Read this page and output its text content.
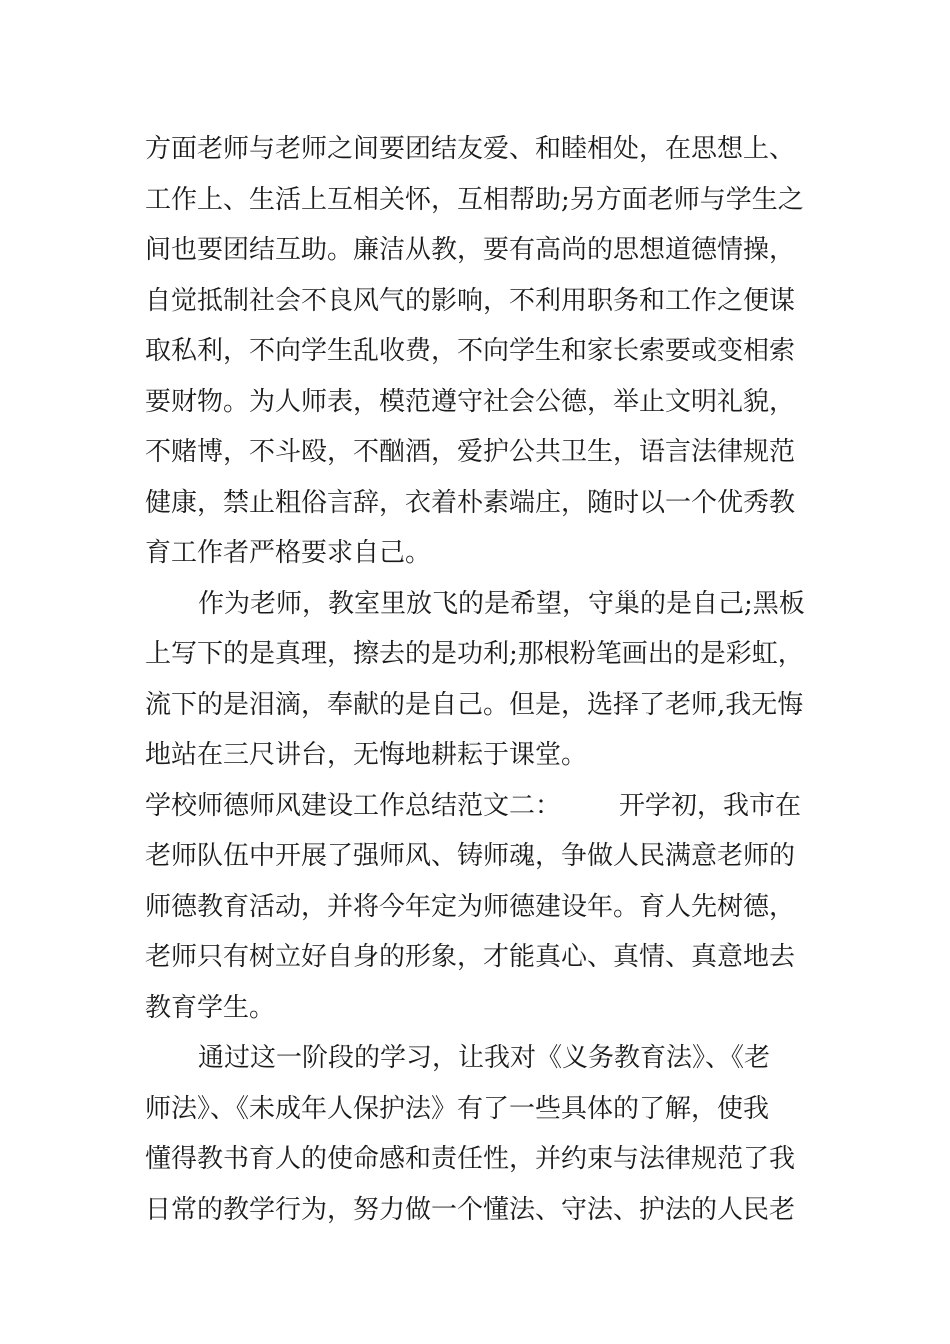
方面老师与老师之间要团结友爱、和睦相处，在思想上、
工作上、生活上互相关怀，互相帮助;另方面老师与学生之
间也要团结互助。廉洁从教，要有高尚的思想道德情操，
自觉抵制社会不良风气的影响，不利用职务和工作之便谋
取私利，不向学生乱收费，不向学生和家长索要或变相索
要财物。为人师表，模范遵守社会公德，举止文明礼貌，
不赌博，不斗殴，不酗酒，爱护公共卫生，语言法律规范
健康，禁止粗俗言辞，衣着朴素端庄，随时以一个优秀教
育工作者严格要求自己。
作为老师，教室里放飞的是希望，守巢的是自己;黑板
上写下的是真理，擦去的是功利;那根粉笔画出的是彩虹，
流下的是泪滴，奉献的是自己。但是，选择了老师,我无悔
地站在三尺讲台，无悔地耕耘于课堂。
学校师德师风建设工作总结范文二： 开学初，我市在
老师队伍中开展了强师风、铸师魂，争做人民满意老师的
师德教育活动，并将今年定为师德建设年。育人先树德，
老师只有树立好自身的形象，才能真心、真情、真意地去
教育学生。
通过这一阶段的学习，让我对《义务教育法》、《老
师法》、《未成年人保护法》有了一些具体的了解，使我
懂得教书育人的使命感和责任性，并约束与法律规范了我
日常的教学行为，努力做一个懂法、守法、护法的人民老
